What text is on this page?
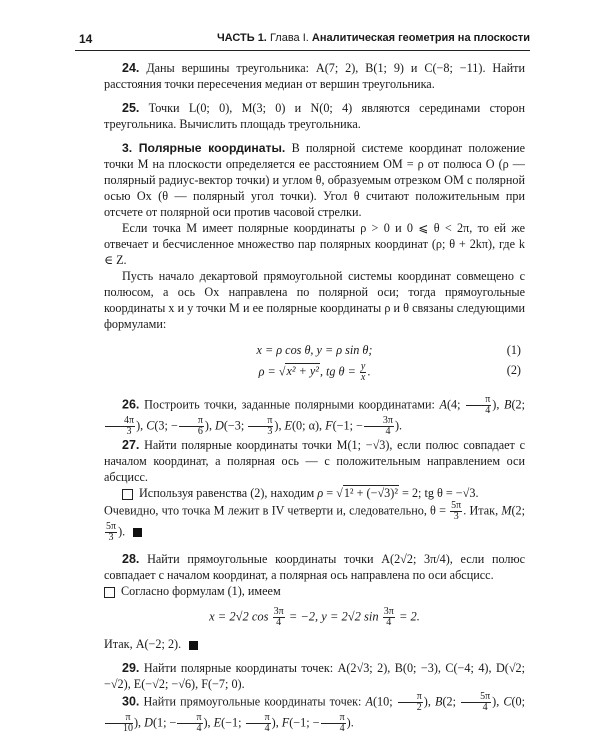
14	ЧАСТЬ 1. Глава I. Аналитическая геометрия на плоскости

24. Даны вершины треугольника: A(7; 2), B(1; 9) и C(−8; −11). Найти расстояния точки пересечения медиан от вершин треугольника.

25. Точки L(0; 0), M(3; 0) и N(0; 4) являются серединами сторон треугольника. Вычислить площадь треугольника.

3. Полярные координаты. В полярной системе координат положение точки M на плоскости определяется ее расстоянием OM = ρ от полюса O (ρ — полярный радиус-вектор точки) и углом θ, образуемым отрезком OM с полярной осью Ox (θ — полярный угол точки). Угол θ считают положительным при отсчете от полярной оси против часовой стрелки.

Если точка M имеет полярные координаты ρ > 0 и 0 ⩽ θ < 2π, то ей же отвечает и бесчисленное множество пар полярных координат (ρ; θ + 2kπ), где k ∈ Z.

Пусть начало декартовой прямоугольной системы координат совмещено с полюсом, а ось Ox направлена по полярной оси; тогда прямоугольные координаты x и y точки M и ее полярные координаты ρ и θ связаны следующими формулами:

x = ρ cos θ, y = ρ sin θ;	(1)
ρ = √x² + y², tg $\theta = \frac{y}{x}$ .	(2)

26. Построить точки, заданные полярными координатами: A(4; $\frac{\pi}{4}$ ), B(2;
$\frac{4\pi}{3}$ ), C(3; − $\frac{\pi}{6}$ ), D(−3; $\frac{\pi}{3}$ ), E(0; α), F(−1; − $\frac{3\pi}{4}$ ).

27. Найти полярные координаты точки M(1; −√3), если полюс совпадает с началом координат, а полярная ось — с положительным направлением оси абсцисс.

Используя равенства (2), находим ρ = √1² + (−√3)² = 2; tg θ = −√3.

Очевидно, что точка M лежит в IV четверти и, следовательно, $\theta = \frac{5\pi}{3}$ . Итак, M(2;
$\frac{5\pi}{3}$ ).

28. Найти прямоугольные координаты точки A(2√2; 3π/4), если полюс совпадает с началом координат, а полярная ось направлена по оси абсцисс.

Согласно формулам (1), имеем

x = 2√2 $\cos \frac{3\pi}{4} = -2$, y = 2√2 $\sin \frac{3\pi}{4} = 2$.

Итак, A(−2; 2).

29. Найти полярные координаты точек: A(2√3; 2), B(0; −3), C(−4; 4), D(√2; −√2), E(−√2; −√6), F(−7; 0).

30. Найти прямоугольные координаты точек: A(10; $\frac{\pi}{2}$ ), B(2; $\frac{5\pi}{4}$ ), C(0;
$\frac{\pi}{10}$ ), D(1; − $\frac{\pi}{4}$ ), E(−1; $\frac{\pi}{4}$ ), F(−1; − $\frac{\pi}{4}$ ).
